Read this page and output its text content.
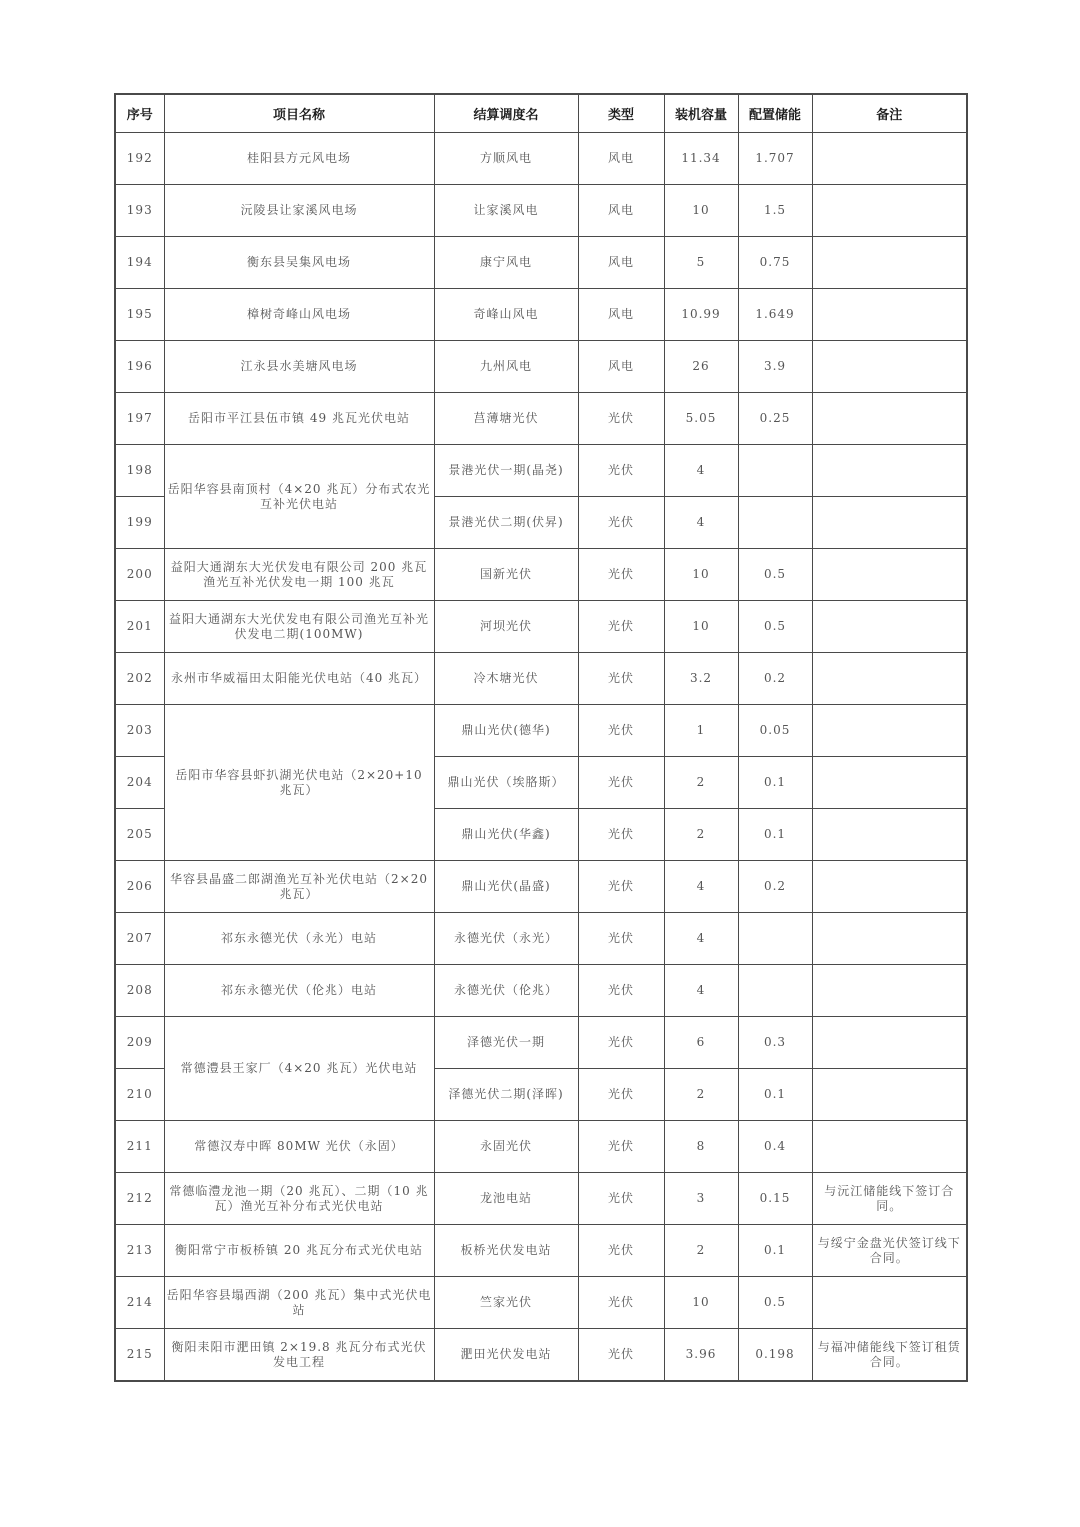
序号	项目名称	结算调度名	类型	装机容量	配置储能	备注
192	桂阳县方元风电场	方顺风电	风电	11.34	1.707	
193	沅陵县让家溪风电场	让家溪风电	风电	10	1.5	
194	衡东县吴集风电场	康宁风电	风电	5	0.75	
195	樟树奇峰山风电场	奇峰山风电	风电	10.99	1.649	
196	江永县水美塘风电场	九州风电	风电	26	3.9	
197	岳阳市平江县伍市镇 49 兆瓦光伏电站	莒薄塘光伏	光伏	5.05	0.25	
198	岳阳华容县南顶村（4×20 兆瓦）分布式农光互补光伏电站	景港光伏一期(晶尧)	光伏	4		
199		景港光伏二期(伏昇)	光伏	4		
200	益阳大通湖东大光伏发电有限公司 200 兆瓦渔光互补光伏发电一期 100 兆瓦	国新光伏	光伏	10	0.5	
201	益阳大通湖东大光伏发电有限公司渔光互补光伏发电二期(100MW)	河坝光伏	光伏	10	0.5	
202	永州市华威福田太阳能光伏电站（40 兆瓦）	冷木塘光伏	光伏	3.2	0.2	
203	岳阳市华容县虾扒湖光伏电站（2×20+10 兆瓦）	鼎山光伏(德华)	光伏	1	0.05	
204		鼎山光伏（埃胳斯）	光伏	2	0.1	
205		鼎山光伏(华鑫)	光伏	2	0.1	
206	华容县晶盛二郎湖渔光互补光伏电站（2×20 兆瓦）	鼎山光伏(晶盛)	光伏	4	0.2	
207	祁东永德光伏（永光）电站	永德光伏（永光）	光伏	4		
208	祁东永德光伏（伦兆）电站	永德光伏（伦兆）	光伏	4		
209	常德澧县王家厂（4×20 兆瓦）光伏电站	泽德光伏一期	光伏	6	0.3	
210		泽德光伏二期(泽晖)	光伏	2	0.1	
211	常德汉寿中晖 80MW 光伏（永固）	永固光伏	光伏	8	0.4	
212	常德临澧龙池一期（20 兆瓦）、二期（10 兆瓦）渔光互补分布式光伏电站	龙池电站	光伏	3	0.15	与沅江储能线下签订合同。
213	衡阳常宁市板桥镇 20 兆瓦分布式光伏电站	板桥光伏发电站	光伏	2	0.1	与绥宁金盘光伏签订线下合同。
214	岳阳华容县塌西湖（200 兆瓦）集中式光伏电站	竺家光伏	光伏	10	0.5	
215	衡阳耒阳市淝田镇 2×19.8 兆瓦分布式光伏发电工程	淝田光伏发电站	光伏	3.96	0.198	与福冲储能线下签订租赁合同。
